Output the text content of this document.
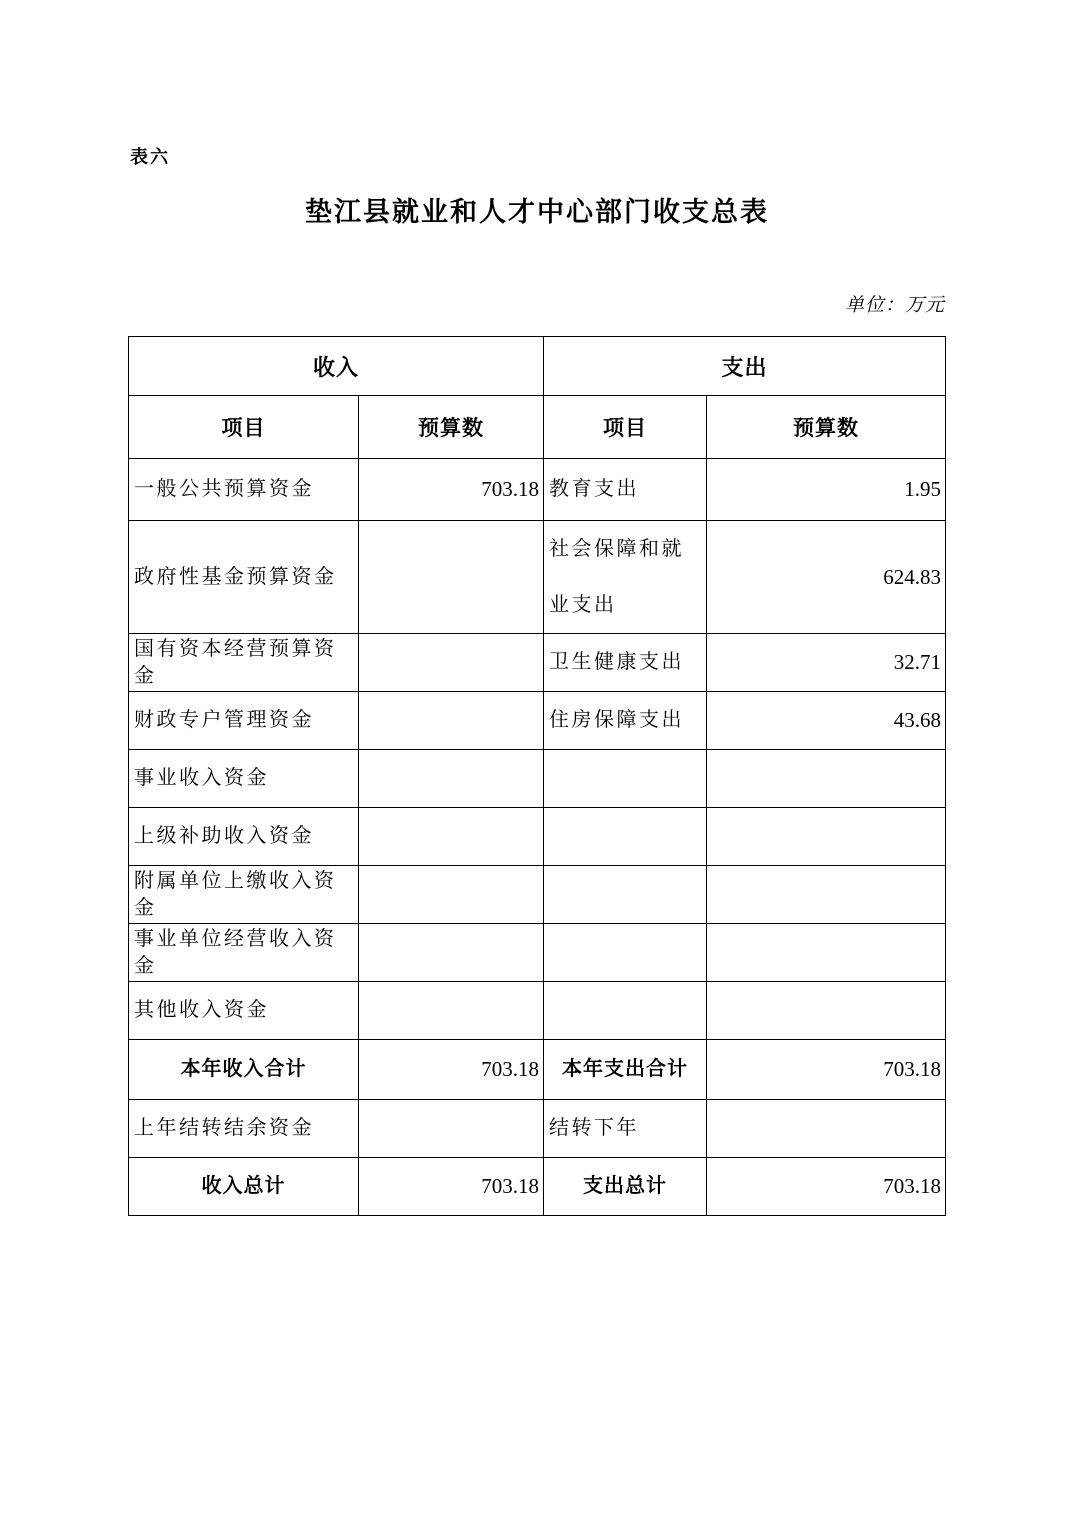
表六
垫江县就业和人才中心部门收支总表
单位：万元
收入		支出	
项目	预算数	项目	预算数
一般公共预算资金	703.18	教育支出	1.95
政府性基金预算资金		社会保障和就业支出	624.83
国有资本经营预算资金		卫生健康支出	32.71
财政专户管理资金		住房保障支出	43.68
事业收入资金			
上级补助收入资金			
附属单位上缴收入资金			
事业单位经营收入资金			
其他收入资金			
本年收入合计	703.18	本年支出合计	703.18
上年结转结余资金		结转下年	
收入总计	703.18	支出总计	703.18
